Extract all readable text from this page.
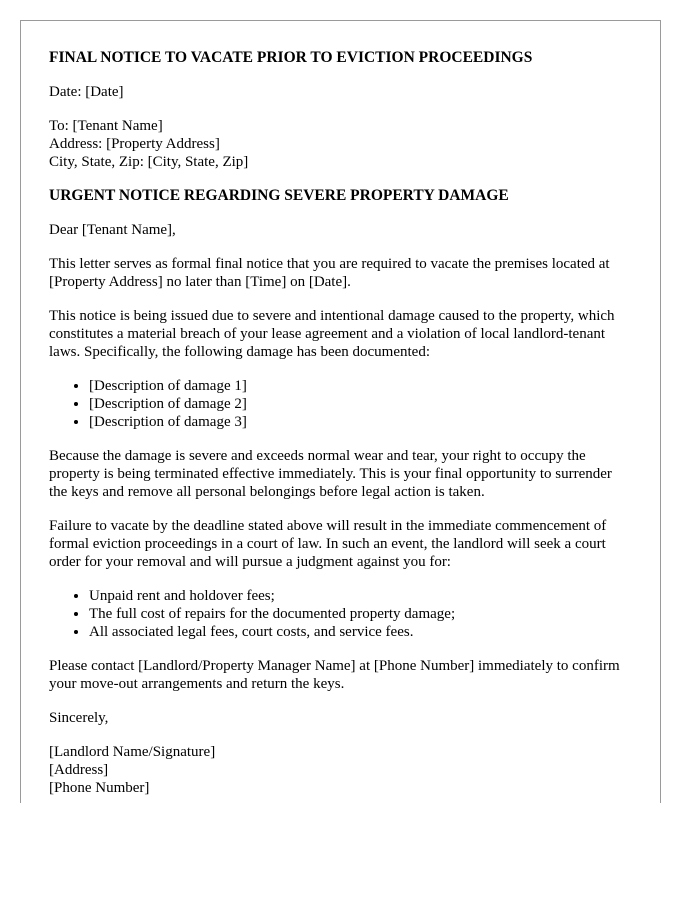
FINAL NOTICE TO VACATE PRIOR TO EVICTION PROCEEDINGS

Date: [Date]

To: [Tenant Name]
Address: [Property Address]
City, State, Zip: [City, State, Zip]
URGENT NOTICE REGARDING SEVERE PROPERTY DAMAGE

Dear [Tenant Name],

This letter serves as formal final notice that you are required to vacate the premises located at [Property Address] no later than [Time] on [Date].

This notice is being issued due to severe and intentional damage caused to the property, which constitutes a material breach of your lease agreement and a violation of local landlord-tenant laws. Specifically, the following damage has been documented:

• [Description of damage 1]
• [Description of damage 2]
• [Description of damage 3]

Because the damage is severe and exceeds normal wear and tear, your right to occupy the property is being terminated effective immediately. This is your final opportunity to surrender the keys and remove all personal belongings before legal action is taken.

Failure to vacate by the deadline stated above will result in the immediate commencement of formal eviction proceedings in a court of law. In such an event, the landlord will seek a court order for your removal and will pursue a judgment against you for:

• Unpaid rent and holdover fees;
• The full cost of repairs for the documented property damage;
• All associated legal fees, court costs, and service fees.

Please contact [Landlord/Property Manager Name] at [Phone Number] immediately to confirm your move-out arrangements and return the keys.

Sincerely,

[Landlord Name/Signature]
[Address]
[Phone Number]
